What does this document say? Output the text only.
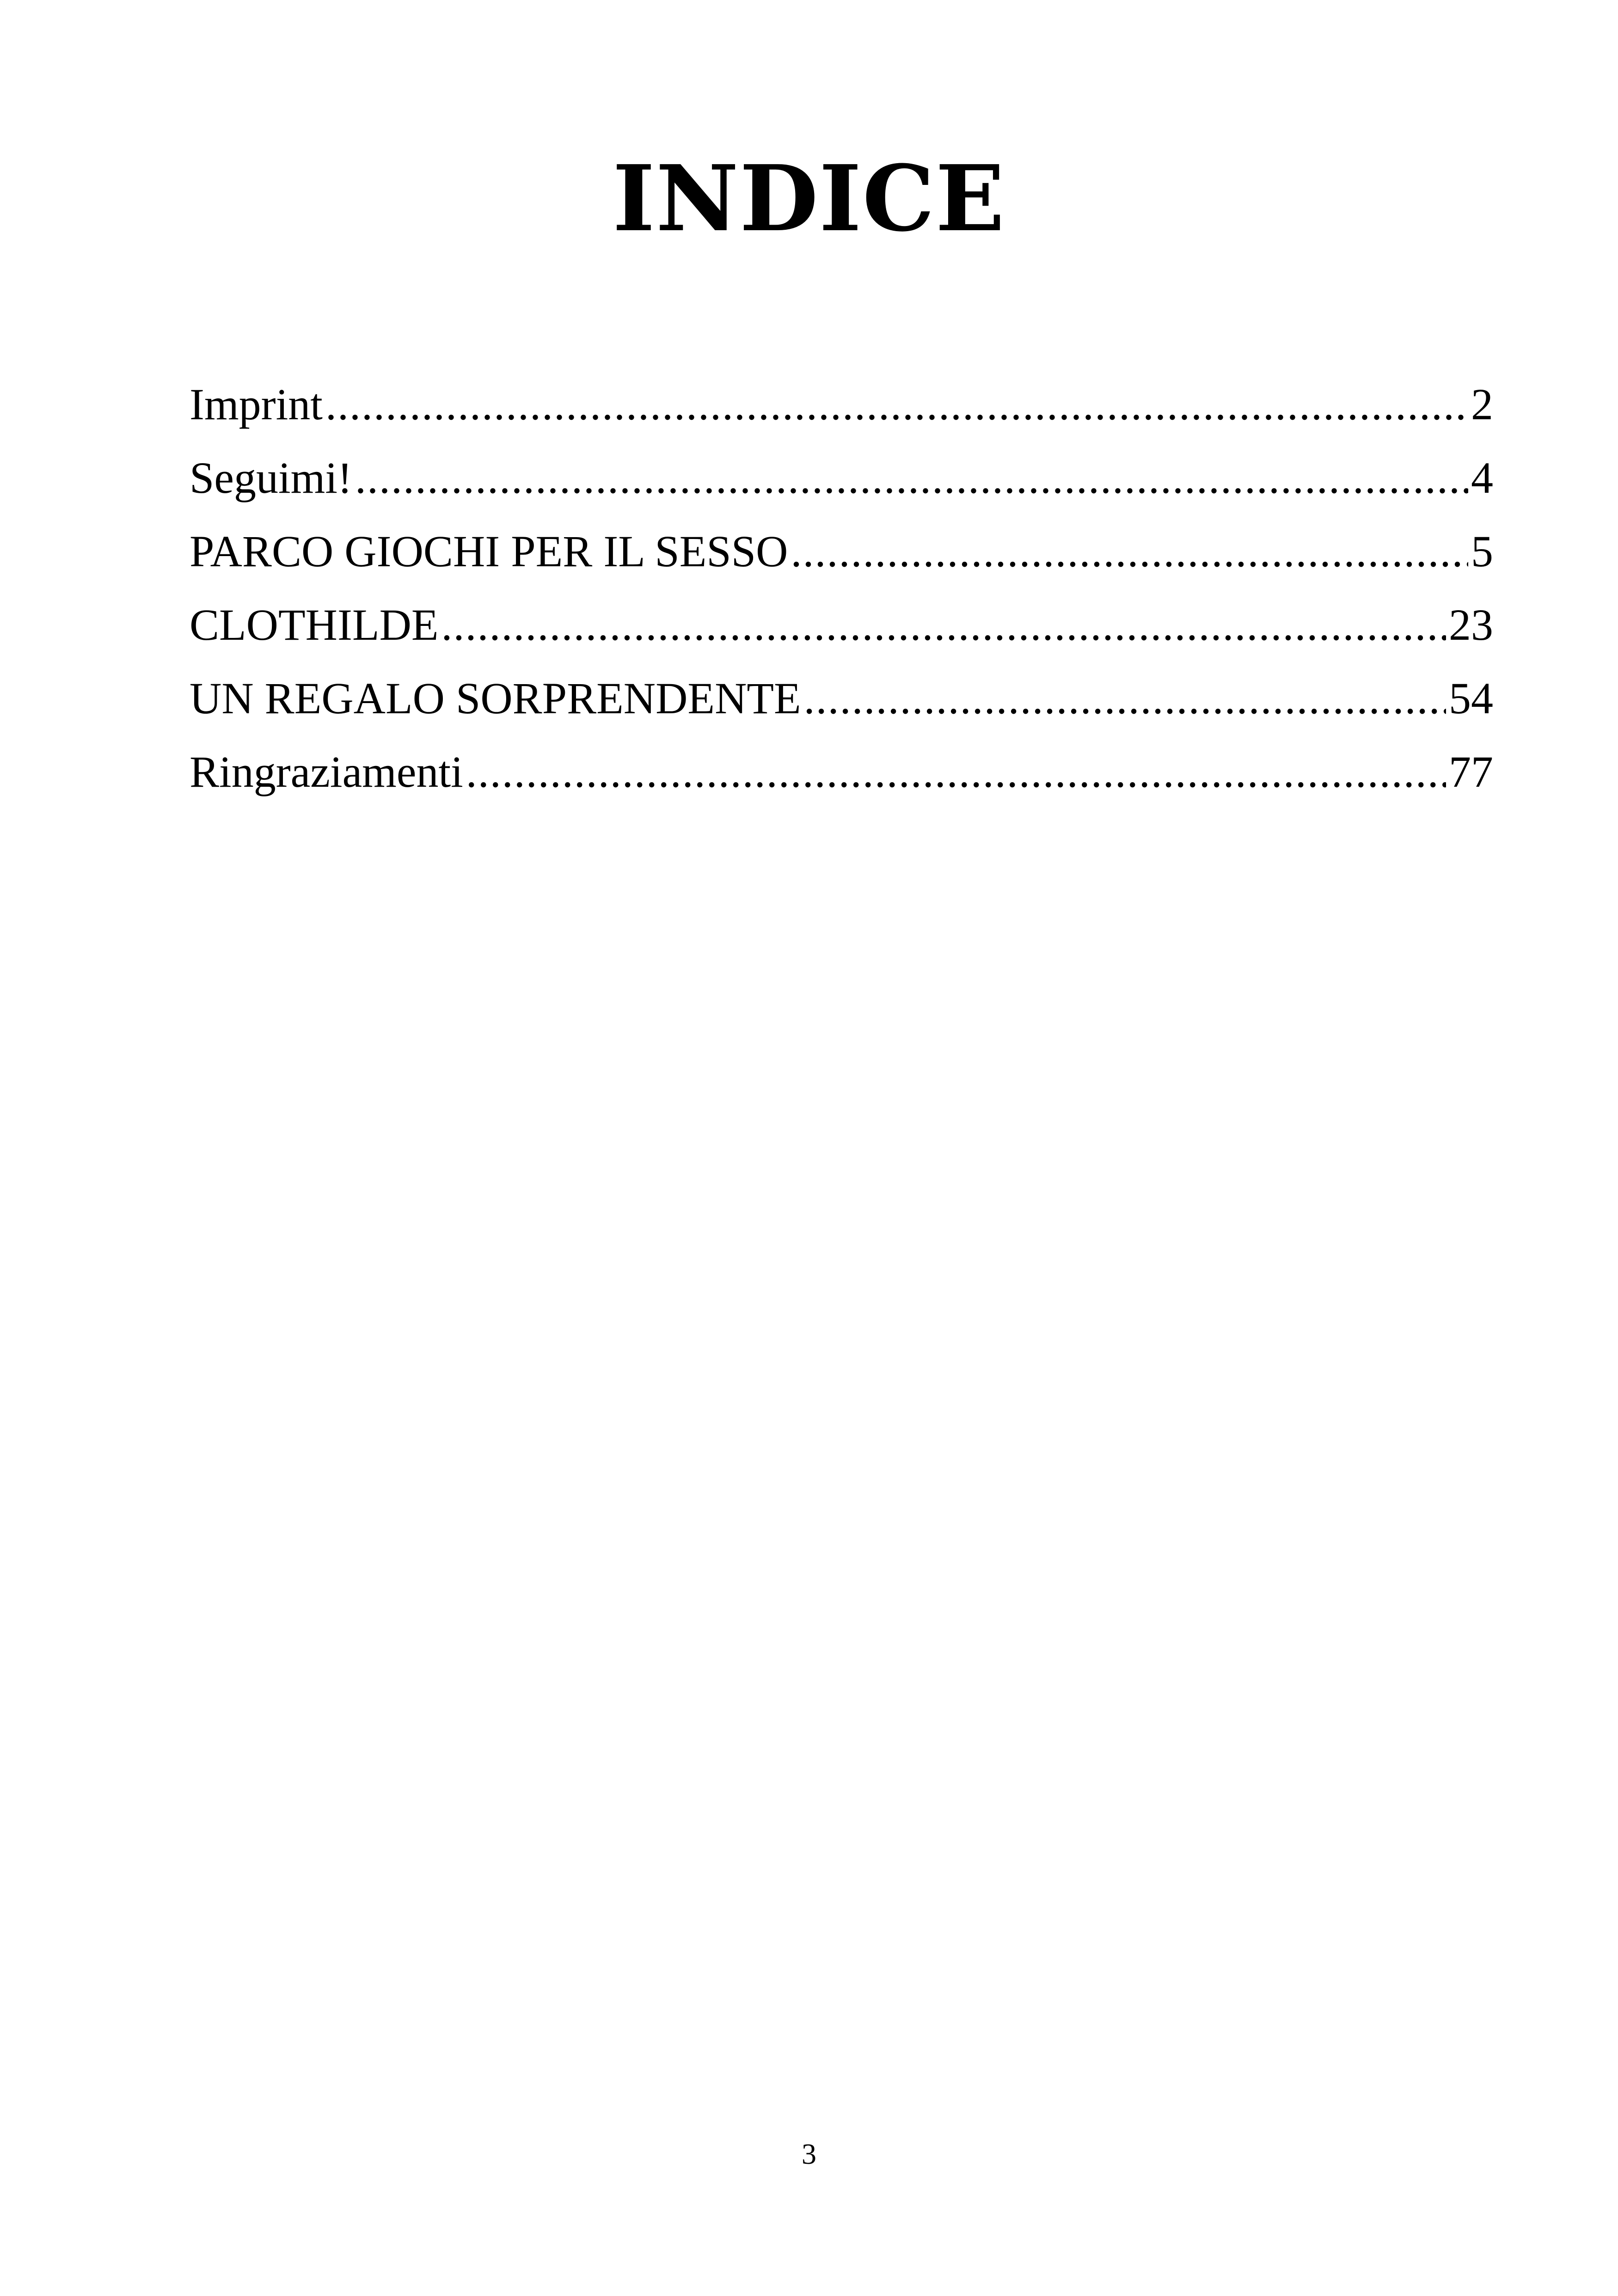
INDICE
Imprint .....	2
Seguimi! .....	4
PARCO GIOCHI PER IL SESSO .....	5
CLOTHILDE .....	23
UN REGALO SORPRENDENTE .....	54
Ringraziamenti .....	77
3
